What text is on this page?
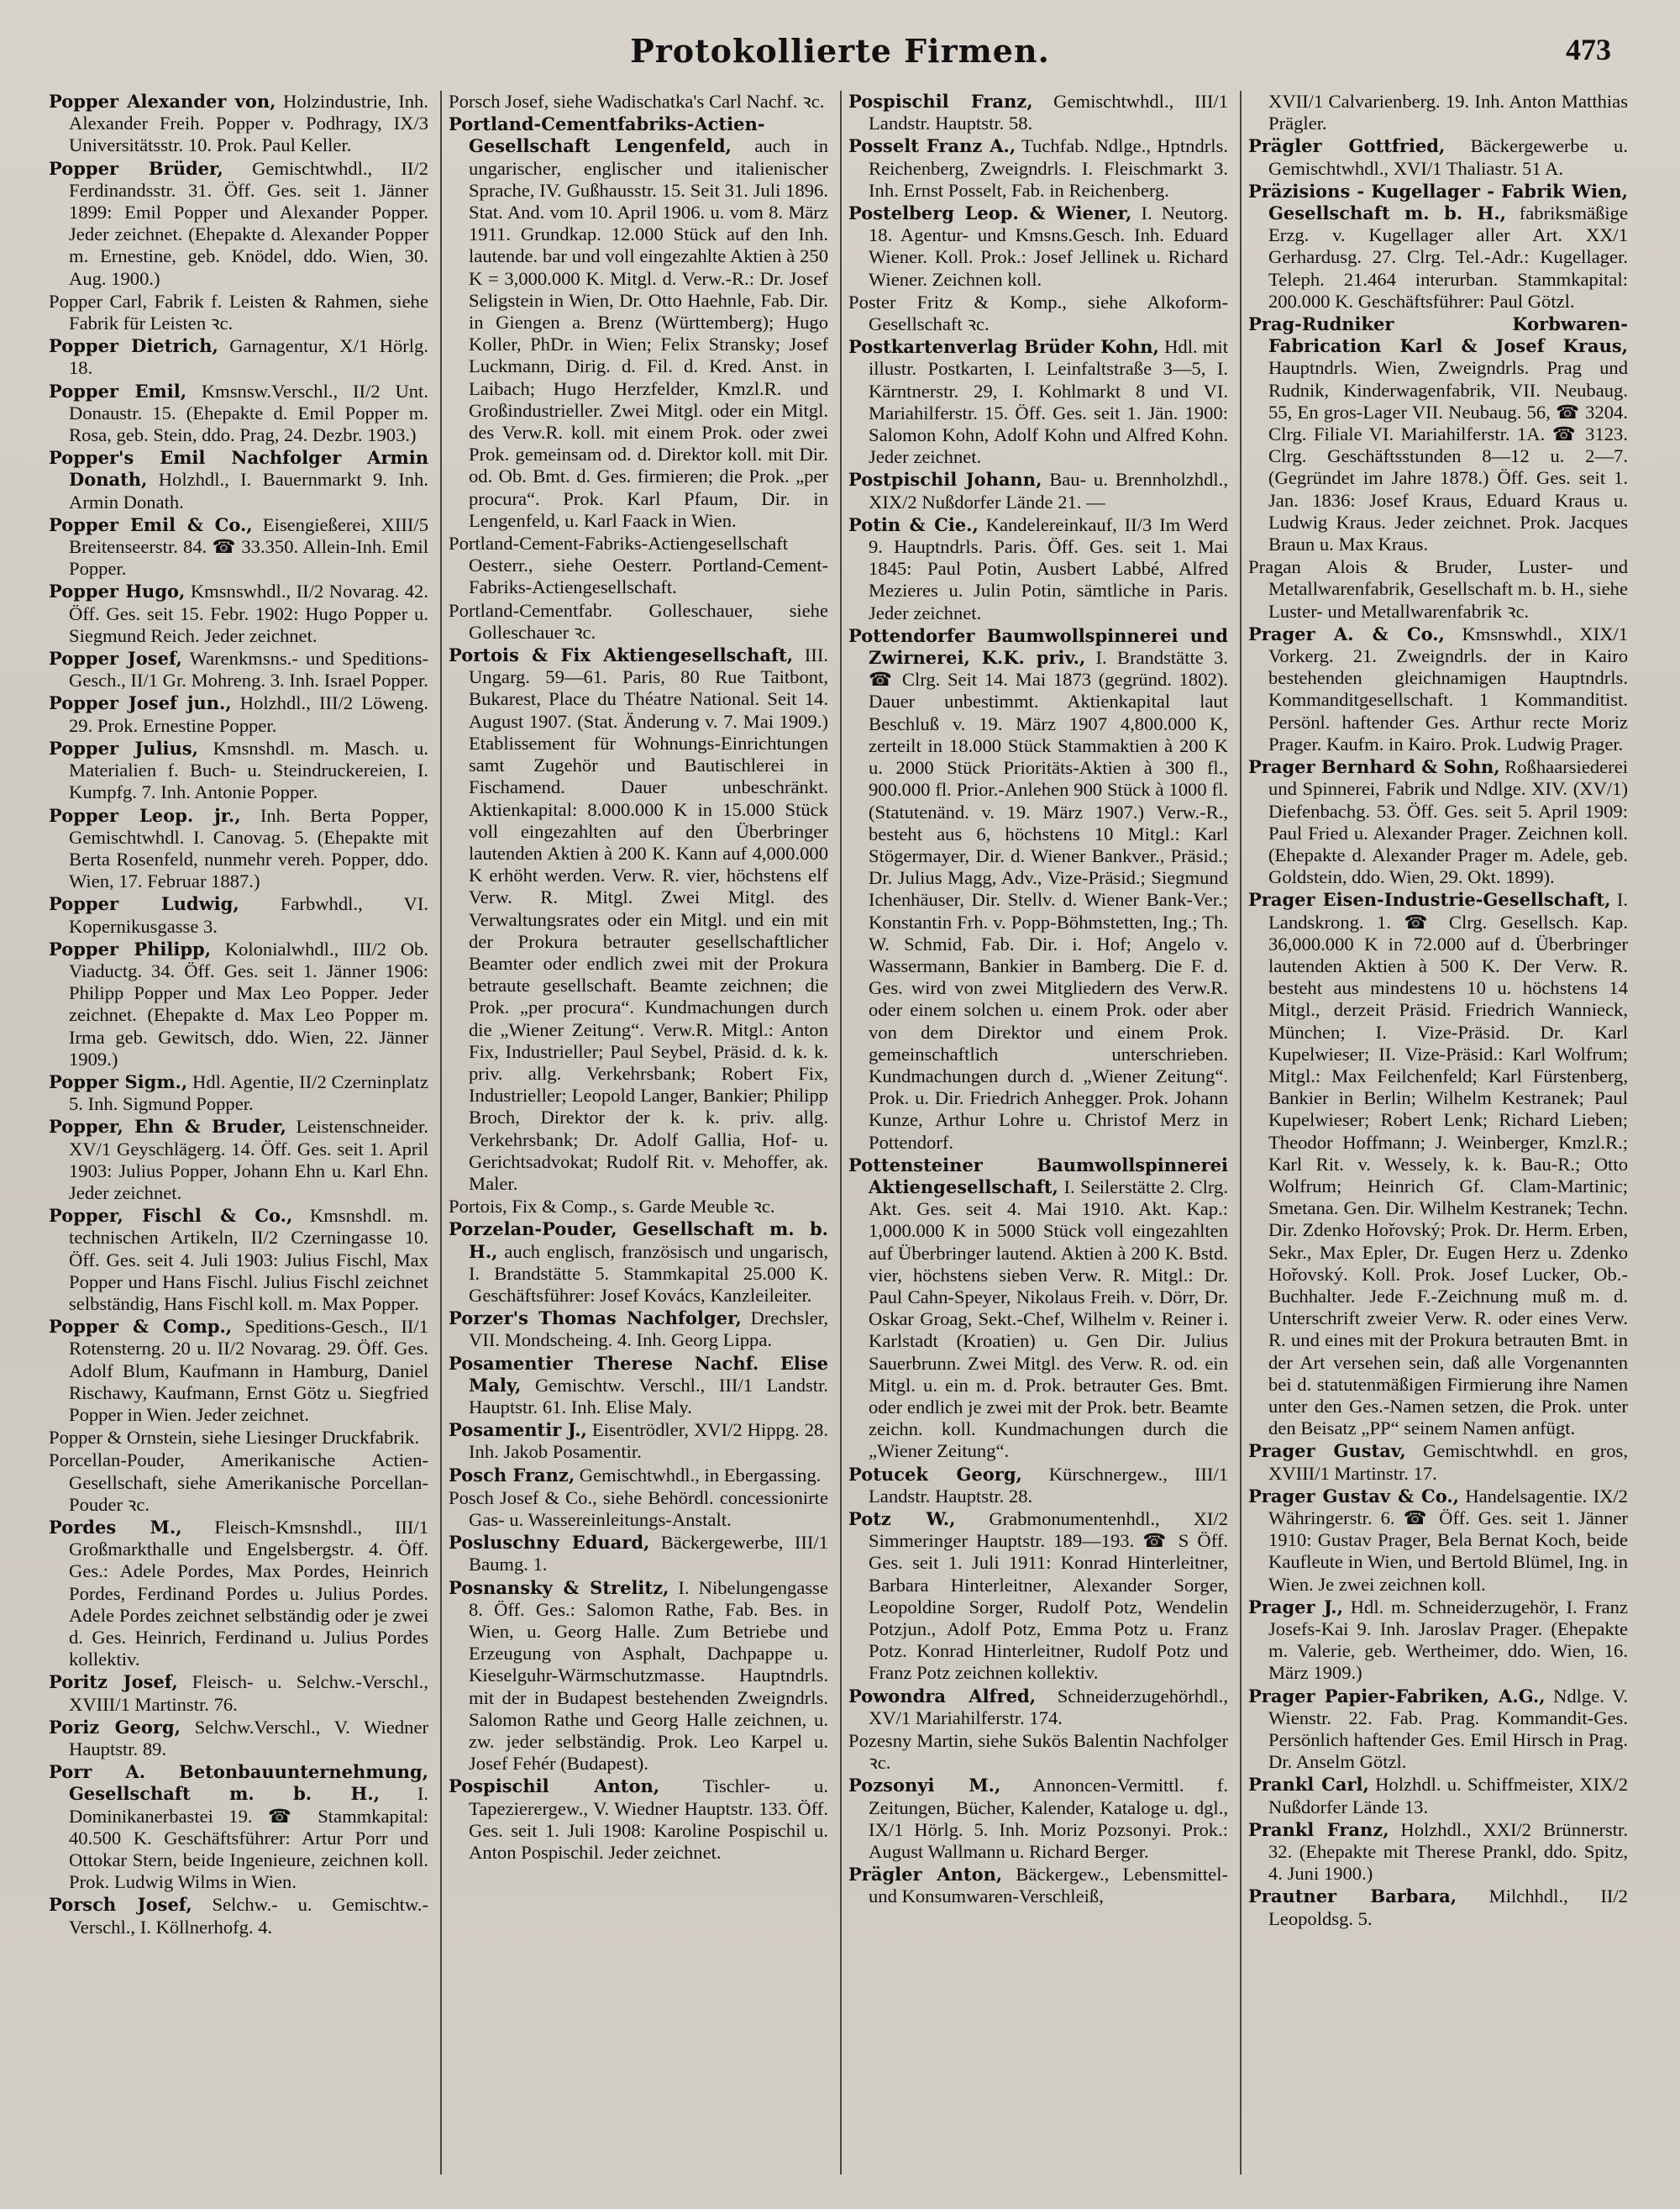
Protokollierte Firmen.	473

Popper Alexander von, Holzindustrie, Inh. Alexander Freih. Popper v. Podhragy, IX/3 Universitätsstr. 10. Prok. Paul Keller.

Popper Brüder, Gemischtwhdl., II/2 Ferdinandsstr. 31. Öff. Ges. seit 1. Jänner 1899: Emil Popper und Alexander Popper. Jeder zeichnet. (Ehepakte d. Alexander Popper m. Ernestine, geb. Knödel, ddo. Wien, 30. Aug. 1900.)

Popper Carl, Fabrik f. Leisten & Rahmen, siehe Fabrik für Leisten ꝛc.

Popper Dietrich, Garnagentur, X/1 Hörlg. 18.

Popper Emil, Kmsnsw.Verschl., II/2 Unt. Donaustr. 15. (Ehepakte d. Emil Popper m. Rosa, geb. Stein, ddo. Prag, 24. Dezbr. 1903.)

Popper's Emil Nachfolger Armin Donath, Holzhdl., I. Bauernmarkt 9. Inh. Armin Donath.

Popper Emil & Co., Eisengießerei, XIII/5 Breitenseerstr. 84. ☎ 33.350. Allein-Inh. Emil Popper.

Popper Hugo, Kmsnswhdl., II/2 Novarag. 42. Öff. Ges. seit 15. Febr. 1902: Hugo Popper u. Siegmund Reich. Jeder zeichnet.

Popper Josef, Warenkmsns.- und Speditions-Gesch., II/1 Gr. Mohreng. 3. Inh. Israel Popper.

Popper Josef jun., Holzhdl., III/2 Löweng. 29. Prok. Ernestine Popper.

Popper Julius, Kmsnshdl. m. Masch. u. Materialien f. Buch- u. Steindruckereien, I. Kumpfg. 7. Inh. Antonie Popper.

Popper Leop. jr., Inh. Berta Popper, Gemischtwhdl. I. Canovag. 5. (Ehepakte mit Berta Rosenfeld, nunmehr vereh. Popper, ddo. Wien, 17. Februar 1887.)

Popper Ludwig, Farbwhdl., VI. Kopernikusgasse 3.

Popper Philipp, Kolonialwhdl., III/2 Ob. Viaductg. 34. Öff. Ges. seit 1. Jänner 1906: Philipp Popper und Max Leo Popper. Jeder zeichnet. (Ehepakte d. Max Leo Popper m. Irma geb. Gewitsch, ddo. Wien, 22. Jänner 1909.)

Popper Sigm., Hdl. Agentie, II/2 Czerninplatz 5. Inh. Sigmund Popper.

Popper, Ehn & Bruder, Leistenschneider. XV/1 Geyschlägerg. 14. Öff. Ges. seit 1. April 1903: Julius Popper, Johann Ehn u. Karl Ehn. Jeder zeichnet.

Popper, Fischl & Co., Kmsnshdl. m. technischen Artikeln, II/2 Czerningasse 10. Öff. Ges. seit 4. Juli 1903: Julius Fischl, Max Popper und Hans Fischl. Julius Fischl zeichnet selbständig, Hans Fischl koll. m. Max Popper.

Popper & Comp., Speditions-Gesch., II/1 Rotensterng. 20 u. II/2 Novarag. 29. Öff. Ges. Adolf Blum, Kaufmann in Hamburg, Daniel Rischawy, Kaufmann, Ernst Götz u. Siegfried Popper in Wien. Jeder zeichnet.

Popper & Ornstein, siehe Liesinger Druckfabrik.

Porcellan-Pouder, Amerikanische Actien-Gesellschaft, siehe Amerikanische Porcellan-Pouder ꝛc.

Pordes M., Fleisch-Kmsnshdl., III/1 Großmarkthalle und Engelsbergstr. 4. Öff. Ges.: Adele Pordes, Max Pordes, Heinrich Pordes, Ferdinand Pordes u. Julius Pordes. Adele Pordes zeichnet selbständig oder je zwei d. Ges. Heinrich, Ferdinand u. Julius Pordes kollektiv.

Poritz Josef, Fleisch- u. Selchw.-Verschl., XVIII/1 Martinstr. 76.

Poriz Georg, Selchw.Verschl., V. Wiedner Hauptstr. 89.

Porr A. Betonbauunternehmung, Gesellschaft m. b. H., I. Dominikanerbastei 19. ☎ Stammkapital: 40.500 K. Geschäftsführer: Artur Porr und Ottokar Stern, beide Ingenieure, zeichnen koll. Prok. Ludwig Wilms in Wien.

Porsch Josef, Selchw.- u. Gemischtw.-Verschl., I. Köllnerhofg. 4.

Porsch Josef, siehe Wadischatka's Carl Nachf. ꝛc.

Portland-Cementfabriks-Actien-Gesellschaft Lengenfeld, auch in ungarischer, englischer und italienischer Sprache, IV. Gußhausstr. 15. Seit 31. Juli 1896. Stat. And. vom 10. April 1906. u. vom 8. März 1911. Grundkap. 12.000 Stück auf den Inh. lautende. bar und voll eingezahlte Aktien à 250 K = 3,000.000 K. Mitgl. d. Verw.-R.: Dr. Josef Seligstein in Wien, Dr. Otto Haehnle, Fab. Dir. in Giengen a. Brenz (Württemberg); Hugo Koller, PhDr. in Wien; Felix Stransky; Josef Luckmann, Dirig. d. Fil. d. Kred. Anst. in Laibach; Hugo Herzfelder, Kmzl.R. und Großindustrieller. Zwei Mitgl. oder ein Mitgl. des Verw.R. koll. mit einem Prok. oder zwei Prok. gemeinsam od. d. Direktor koll. mit Dir. od. Ob. Bmt. d. Ges. firmieren; die Prok. „per procura“. Prok. Karl Pfaum, Dir. in Lengenfeld, u. Karl Faack in Wien.

Portland-Cement-Fabriks-Actiengesellschaft Oesterr., siehe Oesterr. Portland-Cement-Fabriks-Actiengesellschaft.

Portland-Cementfabr. Golleschauer, siehe Golleschauer ꝛc.

Portois & Fix Aktiengesellschaft, III. Ungarg. 59—61. Paris, 80 Rue Taitbont, Bukarest, Place du Théatre National. Seit 14. August 1907. (Stat. Änderung v. 7. Mai 1909.) Etablissement für Wohnungs-Einrichtungen samt Zugehör und Bautischlerei in Fischamend. Dauer unbeschränkt. Aktienkapital: 8.000.000 K in 15.000 Stück voll eingezahlten auf den Überbringer lautenden Aktien à 200 K. Kann auf 4,000.000 K erhöht werden. Verw. R. vier, höchstens elf Verw. R. Mitgl. Zwei Mitgl. des Verwaltungsrates oder ein Mitgl. und ein mit der Prokura betrauter gesellschaftlicher Beamter oder endlich zwei mit der Prokura betraute gesellschaft. Beamte zeichnen; die Prok. „per procura“. Kundmachungen durch die „Wiener Zeitung“. Verw.R. Mitgl.: Anton Fix, Industrieller; Paul Seybel, Präsid. d. k. k. priv. allg. Verkehrsbank; Robert Fix, Industrieller; Leopold Langer, Bankier; Philipp Broch, Direktor der k. k. priv. allg. Verkehrsbank; Dr. Adolf Gallia, Hof- u. Gerichtsadvokat; Rudolf Rit. v. Mehoffer, ak. Maler.

Portois, Fix & Comp., s. Garde Meuble ꝛc.

Porzelan-Pouder, Gesellschaft m. b. H., auch englisch, französisch und ungarisch, I. Brandstätte 5. Stammkapital 25.000 K. Geschäftsführer: Josef Kovács, Kanzleileiter.

Porzer's Thomas Nachfolger, Drechsler, VII. Mondscheing. 4. Inh. Georg Lippa.

Posamentier Therese Nachf. Elise Maly, Gemischtw. Verschl., III/1 Landstr. Hauptstr. 61. Inh. Elise Maly.

Posamentir J., Eisentrödler, XVI/2 Hippg. 28. Inh. Jakob Posamentir.

Posch Franz, Gemischtwhdl., in Ebergassing.

Posch Josef & Co., siehe Behördl. concessionirte Gas- u. Wassereinleitungs-Anstalt.

Posluschny Eduard, Bäckergewerbe, III/1 Baumg. 1.

Posnansky & Strelitz, I. Nibelungengasse 8. Öff. Ges.: Salomon Rathe, Fab. Bes. in Wien, u. Georg Halle. Zum Betriebe und Erzeugung von Asphalt, Dachpappe u. Kieselguhr-Wärmschutzmasse. Hauptndrls. mit der in Budapest bestehenden Zweigndrls. Salomon Rathe und Georg Halle zeichnen, u. zw. jeder selbständig. Prok. Leo Karpel u. Josef Fehér (Budapest).

Pospischil Anton, Tischler- u. Tapezierergew., V. Wiedner Hauptstr. 133. Öff. Ges. seit 1. Juli 1908: Karoline Pospischil u. Anton Pospischil. Jeder zeichnet.

Pospischil Franz, Gemischtwhdl., III/1 Landstr. Hauptstr. 58.

Posselt Franz A., Tuchfab. Ndlge., Hptndrls. Reichenberg, Zweigndrls. I. Fleischmarkt 3. Inh. Ernst Posselt, Fab. in Reichenberg.

Postelberg Leop. & Wiener, I. Neutorg. 18. Agentur- und Kmsns.Gesch. Inh. Eduard Wiener. Koll. Prok.: Josef Jellinek u. Richard Wiener. Zeichnen koll.

Poster Fritz & Komp., siehe Alkoform-Gesellschaft ꝛc.

Postkartenverlag Brüder Kohn, Hdl. mit illustr. Postkarten, I. Leinfaltstraße 3—5, I. Kärntnerstr. 29, I. Kohlmarkt 8 und VI. Mariahilferstr. 15. Öff. Ges. seit 1. Jän. 1900: Salomon Kohn, Adolf Kohn und Alfred Kohn. Jeder zeichnet.

Postpischil Johann, Bau- u. Brennholzhdl., XIX/2 Nußdorfer Lände 21. —

Potin & Cie., Kandelereinkauf, II/3 Im Werd 9. Hauptndrls. Paris. Öff. Ges. seit 1. Mai 1845: Paul Potin, Ausbert Labbé, Alfred Mezieres u. Julin Potin, sämtliche in Paris. Jeder zeichnet.

Pottendorfer Baumwollspinnerei und Zwirnerei, K.K. priv., I. Brandstätte 3. ☎ Clrg. Seit 14. Mai 1873 (gegründ. 1802). Dauer unbestimmt. Aktienkapital laut Beschluß v. 19. März 1907 4,800.000 K, zerteilt in 18.000 Stück Stammaktien à 200 K u. 2000 Stück Prioritäts-Aktien à 300 fl., 900.000 fl. Prior.-Anlehen 900 Stück à 1000 fl. (Statutenänd. v. 19. März 1907.) Verw.-R., besteht aus 6, höchstens 10 Mitgl.: Karl Stögermayer, Dir. d. Wiener Bankver., Präsid.; Dr. Julius Magg, Adv., Vize-Präsid.; Siegmund Ichenhäuser, Dir. Stellv. d. Wiener Bank-Ver.; Konstantin Frh. v. Popp-Böhmstetten, Ing.; Th. W. Schmid, Fab. Dir. i. Hof; Angelo v. Wassermann, Bankier in Bamberg. Die F. d. Ges. wird von zwei Mitgliedern des Verw.R. oder einem solchen u. einem Prok. oder aber von dem Direktor und einem Prok. gemeinschaftlich unterschrieben. Kundmachungen durch d. „Wiener Zeitung“. Prok. u. Dir. Friedrich Anhegger. Prok. Johann Kunze, Arthur Lohre u. Christof Merz in Pottendorf.

Pottensteiner Baumwollspinnerei Aktiengesellschaft, I. Seilerstätte 2. Clrg. Akt. Ges. seit 4. Mai 1910. Akt. Kap.: 1,000.000 K in 5000 Stück voll eingezahlten auf Überbringer lautend. Aktien à 200 K. Bstd. vier, höchstens sieben Verw. R. Mitgl.: Dr. Paul Cahn-Speyer, Nikolaus Freih. v. Dörr, Dr. Oskar Groag, Sekt.-Chef, Wilhelm v. Reiner i. Karlstadt (Kroatien) u. Gen Dir. Julius Sauerbrunn. Zwei Mitgl. des Verw. R. od. ein Mitgl. u. ein m. d. Prok. betrauter Ges. Bmt. oder endlich je zwei mit der Prok. betr. Beamte zeichn. koll. Kundmachungen durch die „Wiener Zeitung“.

Potucek Georg, Kürschnergew., III/1 Landstr. Hauptstr. 28.

Potz W., Grabmonumentenhdl., XI/2 Simmeringer Hauptstr. 189—193. ☎ S Öff. Ges. seit 1. Juli 1911: Konrad Hinterleitner, Barbara Hinterleitner, Alexander Sorger, Leopoldine Sorger, Rudolf Potz, Wendelin Potzjun., Adolf Potz, Emma Potz u. Franz Potz. Konrad Hinterleitner, Rudolf Potz und Franz Potz zeichnen kollektiv.

Powondra Alfred, Schneiderzugehörhdl., XV/1 Mariahilferstr. 174.

Pozesny Martin, siehe Sukös Balentin Nachfolger ꝛc.

Pozsonyi M., Annoncen-Vermittl. f. Zeitungen, Bücher, Kalender, Kataloge u. dgl., IX/1 Hörlg. 5. Inh. Moriz Pozsonyi. Prok.: August Wallmann u. Richard Berger.

Prägler Anton, Bäckergew., Lebensmittel- und Konsumwaren-Verschleiß,

XVII/1 Calvarienberg. 19. Inh. Anton Matthias Prägler.

Prägler Gottfried, Bäckergewerbe u. Gemischtwhdl., XVI/1 Thaliastr. 51 A.

Präzisions - Kugellager - Fabrik Wien, Gesellschaft m. b. H., fabriksmäßige Erzg. v. Kugellager aller Art. XX/1 Gerhardusg. 27. Clrg. Tel.-Adr.: Kugellager. Teleph. 21.464 interurban. Stammkapital: 200.000 K. Geschäftsführer: Paul Götzl.

Prag-Rudniker Korbwaren-Fabrication Karl & Josef Kraus, Hauptndrls. Wien, Zweigndrls. Prag und Rudnik, Kinderwagenfabrik, VII. Neubaug. 55, En gros-Lager VII. Neubaug. 56, ☎ 3204. Clrg. Filiale VI. Mariahilferstr. 1A. ☎ 3123. Clrg. Geschäftsstunden 8—12 u. 2—7. (Gegründet im Jahre 1878.) Öff. Ges. seit 1. Jan. 1836: Josef Kraus, Eduard Kraus u. Ludwig Kraus. Jeder zeichnet. Prok. Jacques Braun u. Max Kraus.

Pragan Alois & Bruder, Luster- und Metallwarenfabrik, Gesellschaft m. b. H., siehe Luster- und Metallwarenfabrik ꝛc.

Prager A. & Co., Kmsnswhdl., XIX/1 Vorkerg. 21. Zweigndrls. der in Kairo bestehenden gleichnamigen Hauptndrls. Kommanditgesellschaft. 1 Kommanditist. Persönl. haftender Ges. Arthur recte Moriz Prager. Kaufm. in Kairo. Prok. Ludwig Prager.

Prager Bernhard & Sohn, Roßhaarsiederei und Spinnerei, Fabrik und Ndlge. XIV. (XV/1) Diefenbachg. 53. Öff. Ges. seit 5. April 1909: Paul Fried u. Alexander Prager. Zeichnen koll. (Ehepakte d. Alexander Prager m. Adele, geb. Goldstein, ddo. Wien, 29. Okt. 1899).

Prager Eisen-Industrie-Gesellschaft, I. Landskrong. 1. ☎ Clrg. Gesellsch. Kap. 36,000.000 K in 72.000 auf d. Überbringer lautenden Aktien à 500 K. Der Verw. R. besteht aus mindestens 10 u. höchstens 14 Mitgl., derzeit Präsid. Friedrich Wannieck, München; I. Vize-Präsid. Dr. Karl Kupelwieser; II. Vize-Präsid.: Karl Wolfrum; Mitgl.: Max Feilchenfeld; Karl Fürstenberg, Bankier in Berlin; Wilhelm Kestranek; Paul Kupelwieser; Robert Lenk; Richard Lieben; Theodor Hoffmann; J. Weinberger, Kmzl.R.; Karl Rit. v. Wessely, k. k. Bau-R.; Otto Wolfrum; Heinrich Gf. Clam-Martinic; Smetana. Gen. Dir. Wilhelm Kestranek; Techn. Dir. Zdenko Hořovský; Prok. Dr. Herm. Erben, Sekr., Max Epler, Dr. Eugen Herz u. Zdenko Hořovský. Koll. Prok. Josef Lucker, Ob.-Buchhalter. Jede F.-Zeichnung muß m. d. Unterschrift zweier Verw. R. oder eines Verw. R. und eines mit der Prokura betrauten Bmt. in der Art versehen sein, daß alle Vorgenannten bei d. statutenmäßigen Firmierung ihre Namen unter den Ges.-Namen setzen, die Prok. unter den Beisatz „PP“ seinem Namen anfügt.

Prager Gustav, Gemischtwhdl. en gros, XVIII/1 Martinstr. 17.

Prager Gustav & Co., Handelsagentie. IX/2 Währingerstr. 6. ☎ Öff. Ges. seit 1. Jänner 1910: Gustav Prager, Bela Bernat Koch, beide Kaufleute in Wien, und Bertold Blümel, Ing. in Wien. Je zwei zeichnen koll.

Prager J., Hdl. m. Schneiderzugehör, I. Franz Josefs-Kai 9. Inh. Jaroslav Prager. (Ehepakte m. Valerie, geb. Wertheimer, ddo. Wien, 16. März 1909.)

Prager Papier-Fabriken, A.G., Ndlge. V. Wienstr. 22. Fab. Prag. Kommandit-Ges. Persönlich haftender Ges. Emil Hirsch in Prag. Dr. Anselm Götzl.

Prankl Carl, Holzhdl. u. Schiffmeister, XIX/2 Nußdorfer Lände 13.

Prankl Franz, Holzhdl., XXI/2 Brünnerstr. 32. (Ehepakte mit Therese Prankl, ddo. Spitz, 4. Juni 1900.)

Prautner Barbara, Milchhdl., II/2 Leopoldsg. 5.
